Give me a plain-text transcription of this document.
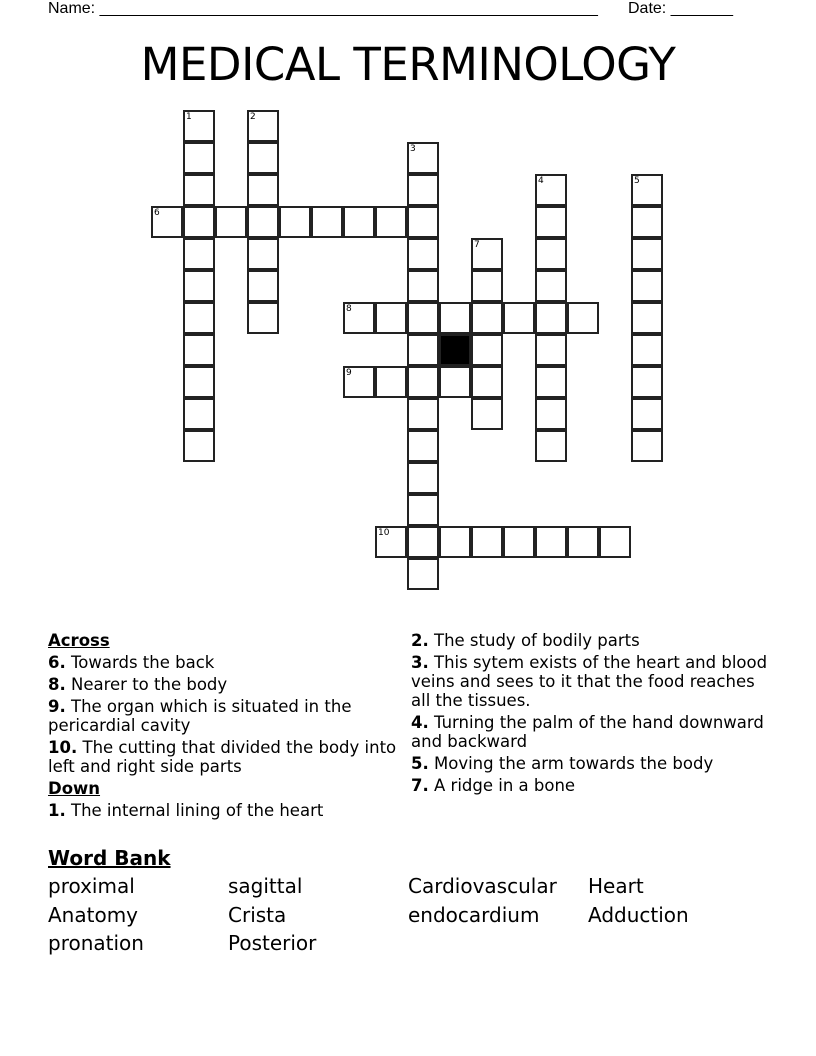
Name: ________________________________________________________ Date: _______
MEDICAL TERMINOLOGY
1	2
3
4	5
6
7
8
9
10
Across
6. Towards the back
8. Nearer to the body
9. The organ which is situated in the pericardial cavity
10. The cutting that divided the body into left and right side parts
Down
1. The internal lining of the heart
2. The study of bodily parts
3. This sytem exists of the heart and blood veins and sees to it that the food reaches all the tissues.
4. Turning the palm of the hand downward and backward
5. Moving the arm towards the body
7. A ridge in a bone
Word Bank
proximal	sagittal	Cardiovascular Heart
Anatomy	Crista	endocardium Adduction
pronation	Posterior
